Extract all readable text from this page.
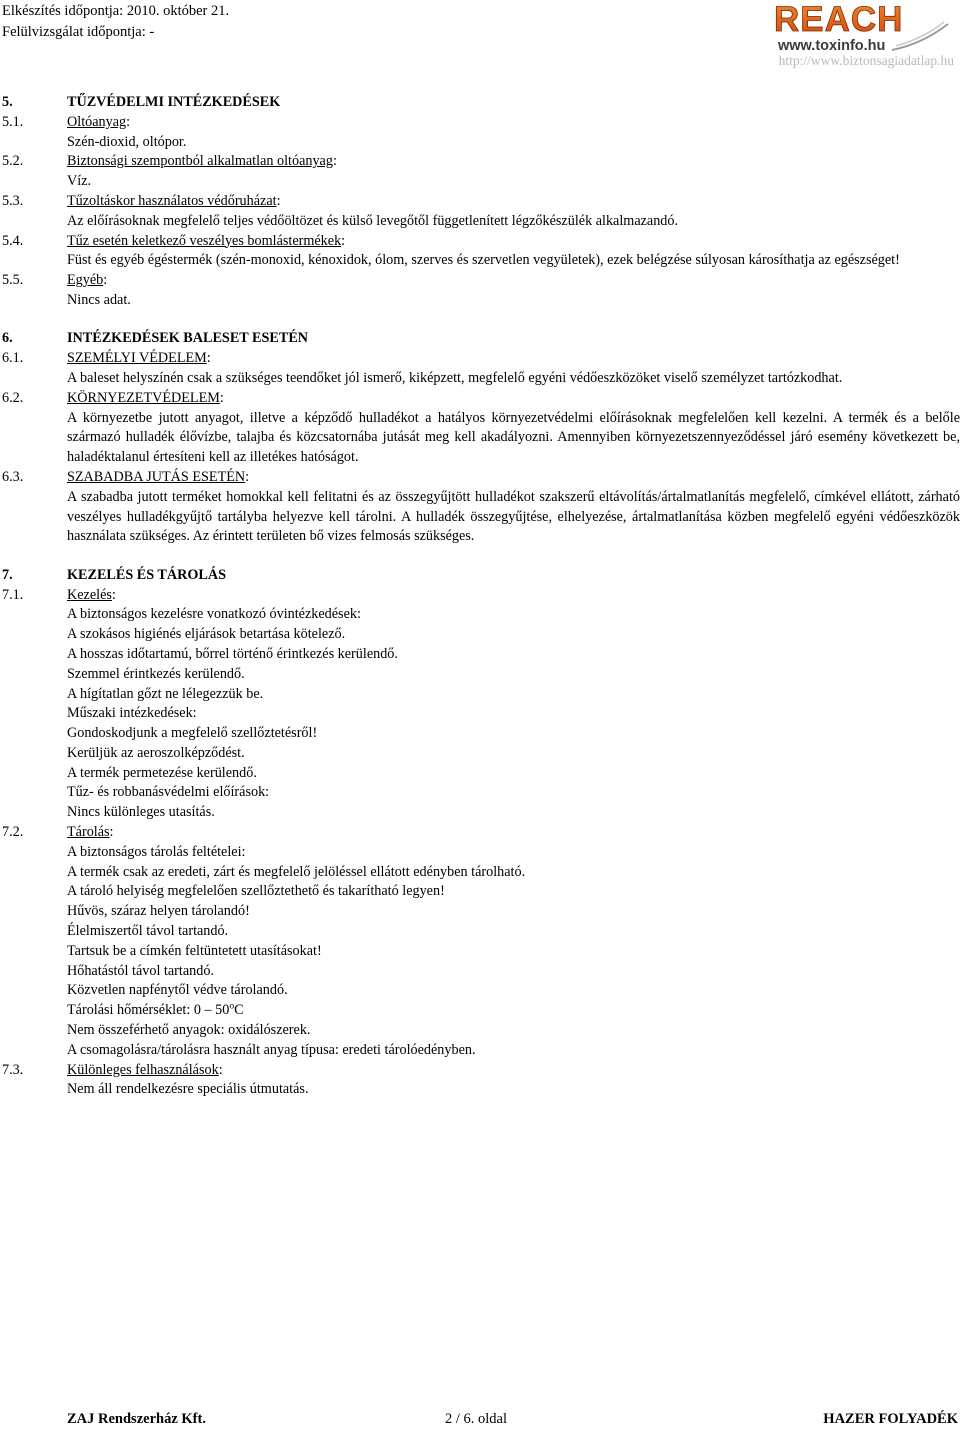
Elkészítés időpontja: 2010. október 21.
Felülvizsgálat időpontja: -	REACH
www.toxinfo.hu
http://www.biztonsagiadatlap.hu
5.	TŰZVÉDELMI INTÉZKEDÉSEK
5.1.	Oltóanyag:
Szén-dioxid, oltópor.
5.2.	Biztonsági szempontból alkalmatlan oltóanyag:
Víz.
5.3.	Tűzoltáskor használatos védőruházat:
Az előírásoknak megfelelő teljes védőöltözet és külső levegőtől függetlenített légzőkészülék alkalmazandó.
5.4.	Tűz esetén keletkező veszélyes bomlástermékek:
Füst és egyéb égéstermék (szén-monoxid, kénoxidok, ólom, szerves és szervetlen vegyületek), ezek belégzése súlyosan károsíthatja az egészséget!
5.5.	Egyéb:
Nincs adat.
6.	INTÉZKEDÉSEK BALESET ESETÉN
6.1.	SZEMÉLYI VÉDELEM:
A baleset helyszínén csak a szükséges teendőket jól ismerő, kiképzett, megfelelő egyéni védőeszközöket viselő személyzet tartózkodhat.
6.2.	KÖRNYEZETVÉDELEM:
A környezetbe jutott anyagot, illetve a képződő hulladékot a hatályos környezetvédelmi előírásoknak megfelelően kell kezelni. A termék és a belőle származó hulladék élővízbe, talajba és közcsatornába jutását meg kell akadályozni. Amennyiben környezetszennyeződéssel járó esemény következett be, haladéktalanul értesíteni kell az illetékes hatóságot.
6.3.	SZABADBA JUTÁS ESETÉN:
A szabadba jutott terméket homokkal kell felitatni és az összegyűjtött hulladékot szakszerű eltávolítás/ártalmatlanítás megfelelő, címkével ellátott, zárható veszélyes hulladékgyűjtő tartályba helyezve kell tárolni. A hulladék összegyűjtése, elhelyezése, ártalmatlanítása közben megfelelő egyéni védőeszközök használata szükséges. Az érintett területen bő vizes felmosás szükséges.
7.	KEZELÉS ÉS TÁROLÁS
7.1.	Kezelés:
A biztonságos kezelésre vonatkozó óvintézkedések:
A szokásos higiénés eljárások betartása kötelező.
A hosszas időtartamú, bőrrel történő érintkezés kerülendő.
Szemmel érintkezés kerülendő.
A hígítatlan gőzt ne lélegezzük be.
Műszaki intézkedések:
Gondoskodjunk a megfelelő szellőztetésről!
Kerüljük az aeroszolképződést.
A termék permetezése kerülendő.
Tűz- és robbanásvédelmi előírások:
Nincs különleges utasítás.
7.2.	Tárolás:
A biztonságos tárolás feltételei:
A termék csak az eredeti, zárt és megfelelő jelöléssel ellátott edényben tárolható.
A tároló helyiség megfelelően szellőztethető és takarítható legyen!
Hűvös, száraz helyen tárolandó!
Élelmiszertől távol tartandó.
Tartsuk be a címkén feltüntetett utasításokat!
Hőhatástól távol tartandó.
Közvetlen napfénytől védve tárolandó.
Tárolási hőmérséklet: 0 – 50$^o$C
Nem összeférhető anyagok: oxidálószerek.
A csomagolásra/tárolásra használt anyag típusa: eredeti tárolóedényben.
7.3.	Különleges felhasználások:
Nem áll rendelkezésre speciális útmutatás.
ZAJ Rendszerház Kft.	2 / 6. oldal	HAZER FOLYADÉK
